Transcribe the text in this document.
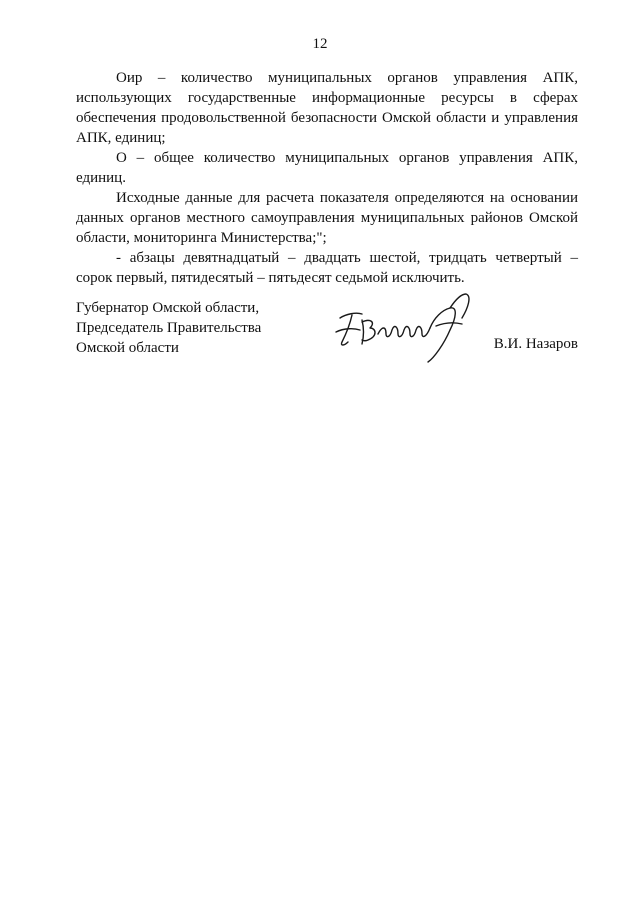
12

Оир – количество муниципальных органов управления АПК, использующих государственные информационные ресурсы в сферах обеспечения продовольственной безопасности Омской области и управления АПК, единиц;

О – общее количество муниципальных органов управления АПК, единиц.

Исходные данные для расчета показателя определяются на основании данных органов местного самоуправления муниципальных районов Омской области, мониторинга Министерства;";

- абзацы девятнадцатый – двадцать шестой, тридцать четвертый – сорок первый, пятидесятый – пятьдесят седьмой исключить.

Губернатор Омской области,
Председатель Правительства
Омской области	В.И. Назаров
